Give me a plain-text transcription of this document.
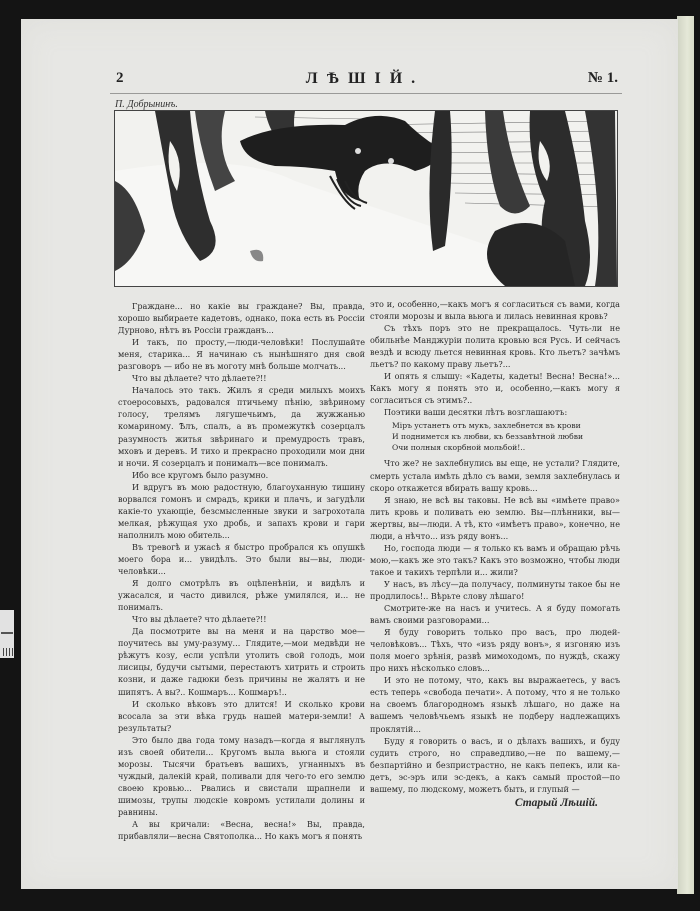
2	ЛѢШІЙ.	№ 1.
П. Добрынинъ.

Граждане... но какіе вы граждане? Вы, правда, хорошо выбираете кадетовъ, однако, пока есть въ Россіи Дурново, нѣтъ въ Россіи гражданъ...

И такъ, по просту,—люди-человѣки! Послушайте меня, старика... Я начинаю съ нынѣшняго дня свой разговоръ — ибо не въ моготу мнѣ больше молчать...

Что вы дѣлаете? что дѣлаете?!!

Началось это такъ. Жилъ я среди милыхъ моихъ стоеросовыхъ, радовался птичьему пѣнію, звѣриному голосу, трелямъ лягушечьимъ, да жужжанью комариному. Ѣлъ, спалъ, а въ промежуткѣ созерцалъ разумность житья звѣринаго и премудрость травъ, мховъ и деревъ. И тихо и прекрасно проходили мои дни и ночи. Я созерцалъ и понималъ—все понималъ.

Ибо все кругомъ было разумно.

И вдругъ въ мою радостную, благоуханную тишину ворвался гомонъ и смрадъ, крики и плачъ, и загудѣли какіе-то ухающіе, безсмысленные звуки и загрохотала мелкая, рѣжущая ухо дробь, и запахъ крови и гари наполнилъ мою обитель...

Въ тревогѣ и ужасѣ я быстро пробрался къ опушкѣ моего бора и... увидѣлъ. Это были вы—вы, люди-человѣки...

Я долго смотрѣлъ въ оцѣпенѣніи, и видѣлъ и ужасался, и часто дивился, рѣже умилялся, и... не понималъ.

Что вы дѣлаете? что дѣлаете?!!

Да посмотрите вы на меня и на царство мое—поучитесь вы уму-разуму... Глядите,—мои медвѣди не рѣжутъ козу, если успѣли утолить свой голодъ, мои лисицы, будучи сытыми, перестаютъ хитрить и строить козни, и даже гадюки безъ причины не жалятъ и не шипятъ. А вы?.. Кошмаръ... Кошмаръ!..

И сколько вѣковъ это длится! И сколько крови всосала за эти вѣка грудь нашей матери-земли! А результаты?

Это было два года тому назадъ—когда я выглянулъ изъ своей обители... Кругомъ выла вьюга и стояли морозы. Тысячи братьевъ вашихъ, угнанныхъ въ чуждый, далекій край, поливали для чего-то его землю своею кровью... Рвались и свистали шрапнели и шимозы, трупы людскіе ковромъ устилали долины и равнины.

А вы кричали: «Весна, весна!» Вы, правда, прибавляли—весна Святополка... Но какъ могъ я понять

это и, особенно,—какъ могъ я согласиться съ вами, когда стояли морозы и выла вьюга и лилась невинная кровь?

Съ тѣхъ поръ это не прекращалось. Чуть-ли не обильнѣе Манджуріи полита кровью вся Русь. И сейчасъ вездѣ и всюду льется невинная кровь. Кто льетъ? зачѣмъ льетъ? по какому праву льетъ?...

И опять я слышу: «Кадеты, кадеты! Весна! Весна!»... Какъ могу я понять это и, особенно,—какъ могу я согласиться съ этимъ?..

Поэтики ваши десятки лѣтъ возглашаютъ:

Міръ устанетъ отъ мукъ, захлебнется въ крови
И поднимется къ любви, къ беззавѣтной любви
Очи полныя скорбной мольбой!..

Что же? не захлебнулись вы еще, не устали? Глядите, смерть устала имѣть дѣло съ вами, земля захлебнулась и скоро откажется вбирать вашу кровь...

Я знаю, не всѣ вы таковы. Не всѣ вы «имѣете право» лить кровь и поливать ею землю. Вы—плѣнники, вы—жертвы, вы—люди. А тѣ, кто «имѣетъ право», конечно, не люди, а нѣчто... изъ ряду вонъ...

Но, господа люди — я только къ вамъ и обращаю рѣчь мою,—какъ же это такъ? Какъ это возможно, чтобы люди такое и такихъ терпѣли и... жили?

У насъ, въ лѣсу—да получасу, полминуты такое бы не продлилось!.. Вѣрьте слову лѣшаго!

Смотрите-же на насъ и учитесь. А я буду помогать вамъ своими разговорами...

Я буду говорить только про васъ, про людей-человѣковъ... Тѣхъ, что «изъ ряду вонъ», я изгоняю изъ поля моего зрѣнія, развѣ мимоходомъ, по нуждѣ, скажу про нихъ нѣсколько словъ...

И это не потому, что, какъ вы выражаетесь, у васъ есть теперь «свобода печати». А потому, что я не только на своемъ благородномъ языкѣ лѣшаго, но даже на вашемъ человѣчьемъ языкѣ не подберу надлежащихъ проклятій...

Буду я говорить о васъ, и о дѣлахъ вашихъ, и буду судить строго, но справедливо,—не по вашему,—безпартійно и безпристрастно, не какъ пепекъ, или ка-детъ, эс-эръ или эс-декъ, а какъ самый простой—по вашему, по людскому, можетъ быть, и глупый —

Старый Лѣшій.
